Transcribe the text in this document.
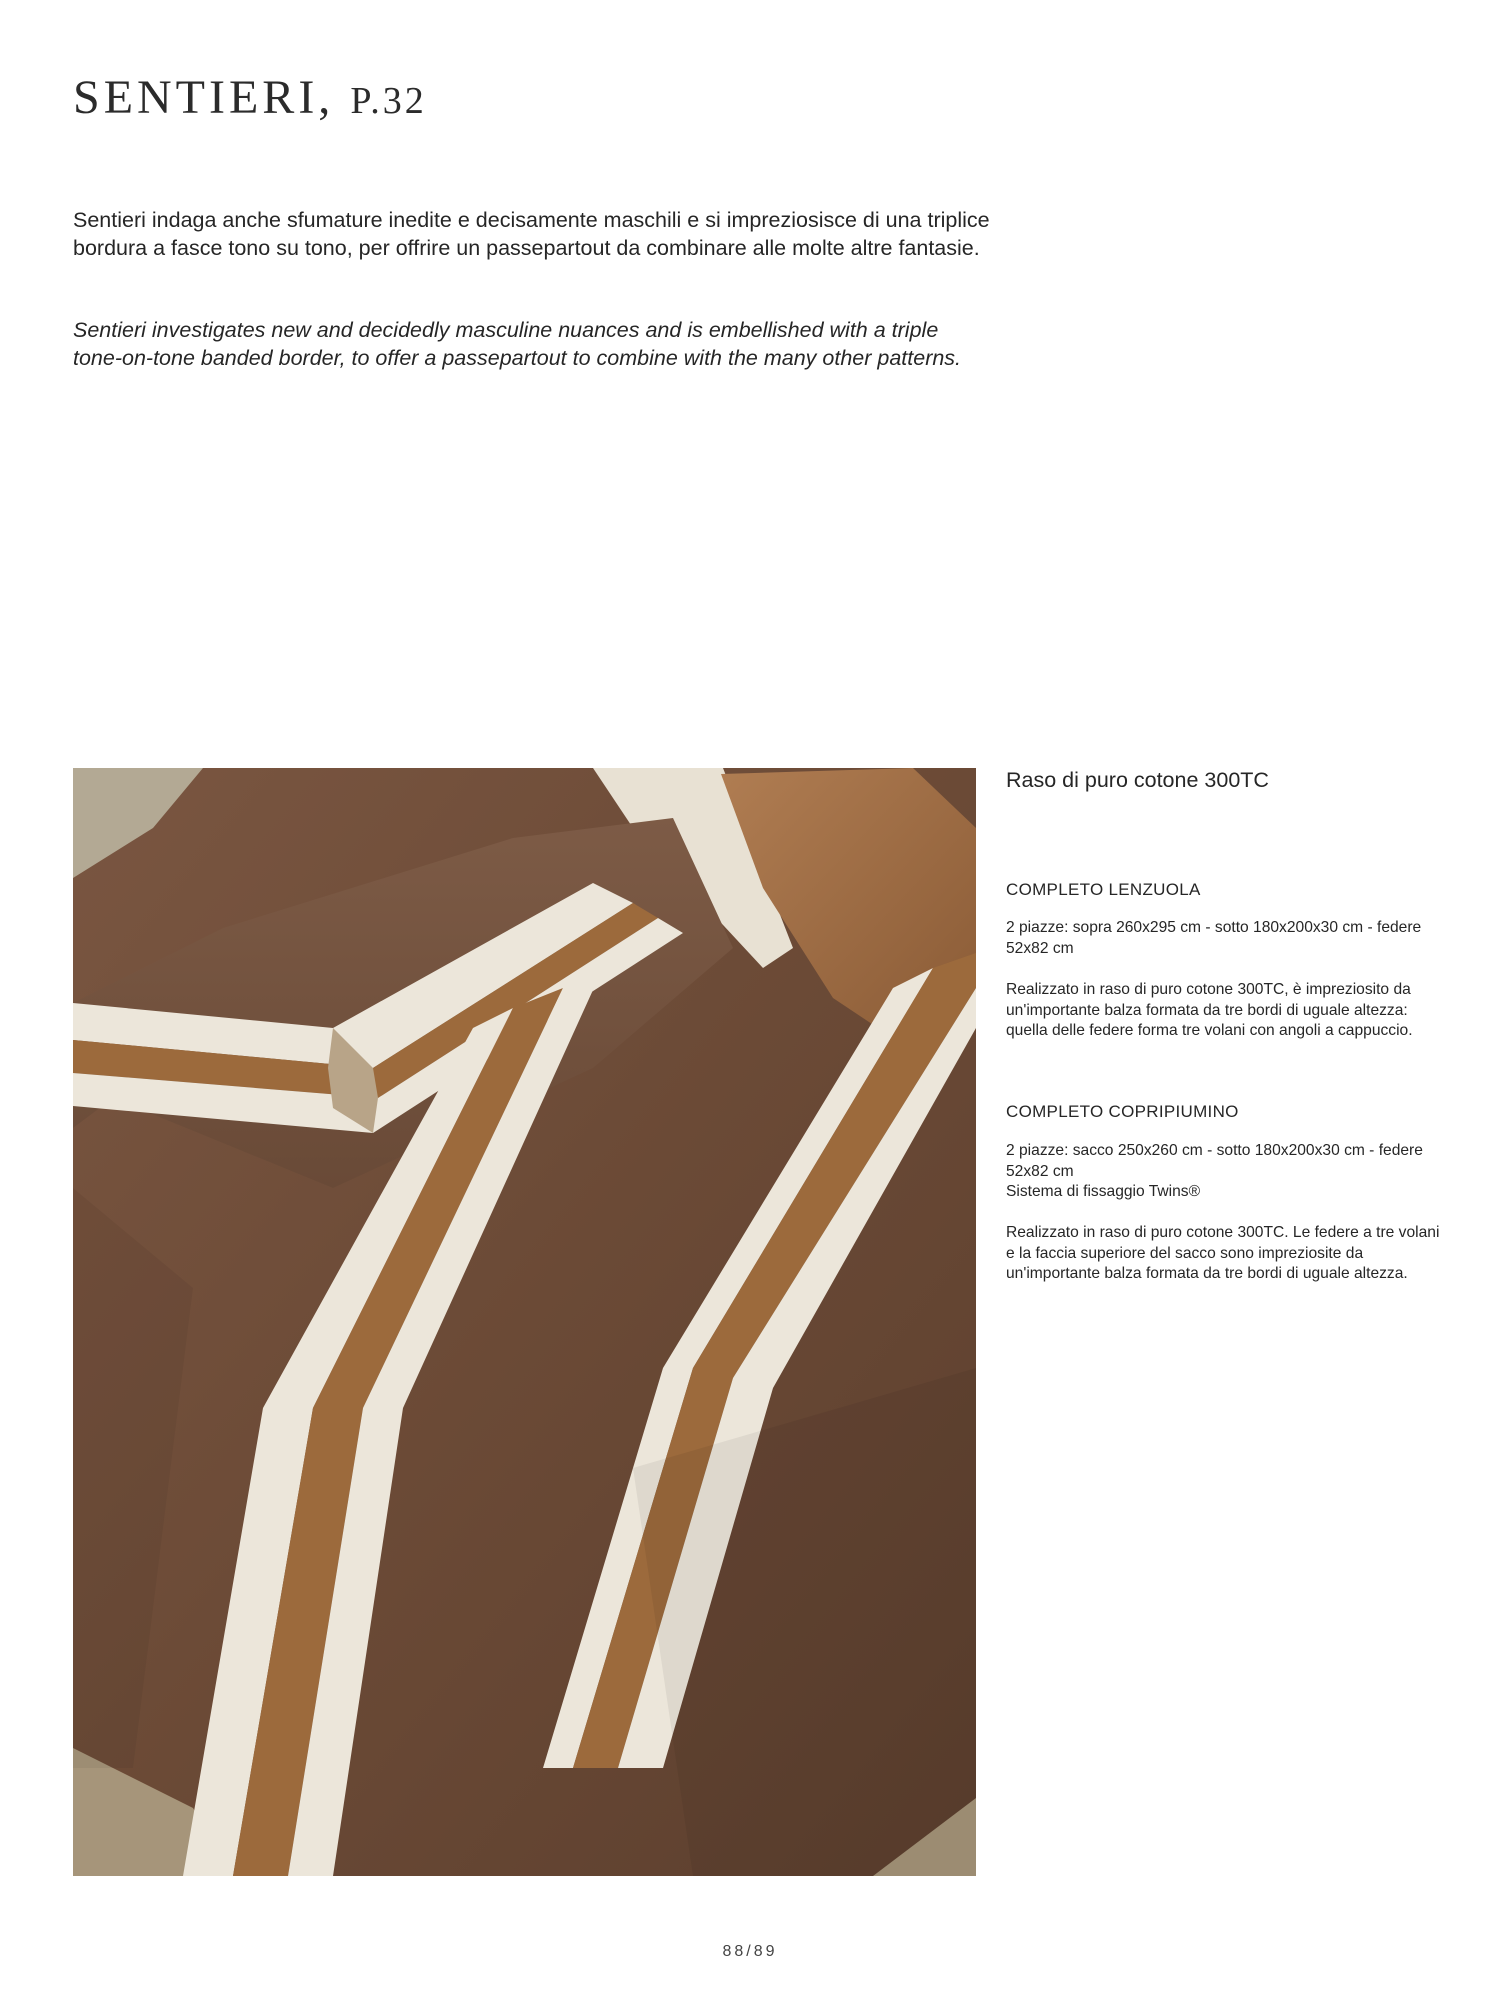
SENTIERI, P.32

Sentieri indaga anche sfumature inedite e decisamente maschili e si impreziosisce di una triplice bordura a fasce tono su tono, per offrire un passepartout da combinare alle molte altre fantasie.

Sentieri investigates new and decidedly masculine nuances and is embellished with a triple tone-on-tone banded border, to offer a passepartout to combine with the many other patterns.

Raso di puro cotone 300TC
COMPLETO LENZUOLA

2 piazze: sopra 260x295 cm - sotto 180x200x30 cm - federe 52x82 cm

Realizzato in raso di puro cotone 300TC, è impreziosito da un'importante balza formata da tre bordi di uguale altezza: quella delle federe forma tre volani con angoli a cappuccio.

COMPLETO COPRIPIUMINO

2 piazze: sacco 250x260 cm - sotto 180x200x30 cm - federe 52x82 cm

Sistema di fissaggio Twins®

Realizzato in raso di puro cotone 300TC. Le federe a tre volani e la faccia superiore del sacco sono impreziosite da un'importante balza formata da tre bordi di uguale altezza.

88/89
